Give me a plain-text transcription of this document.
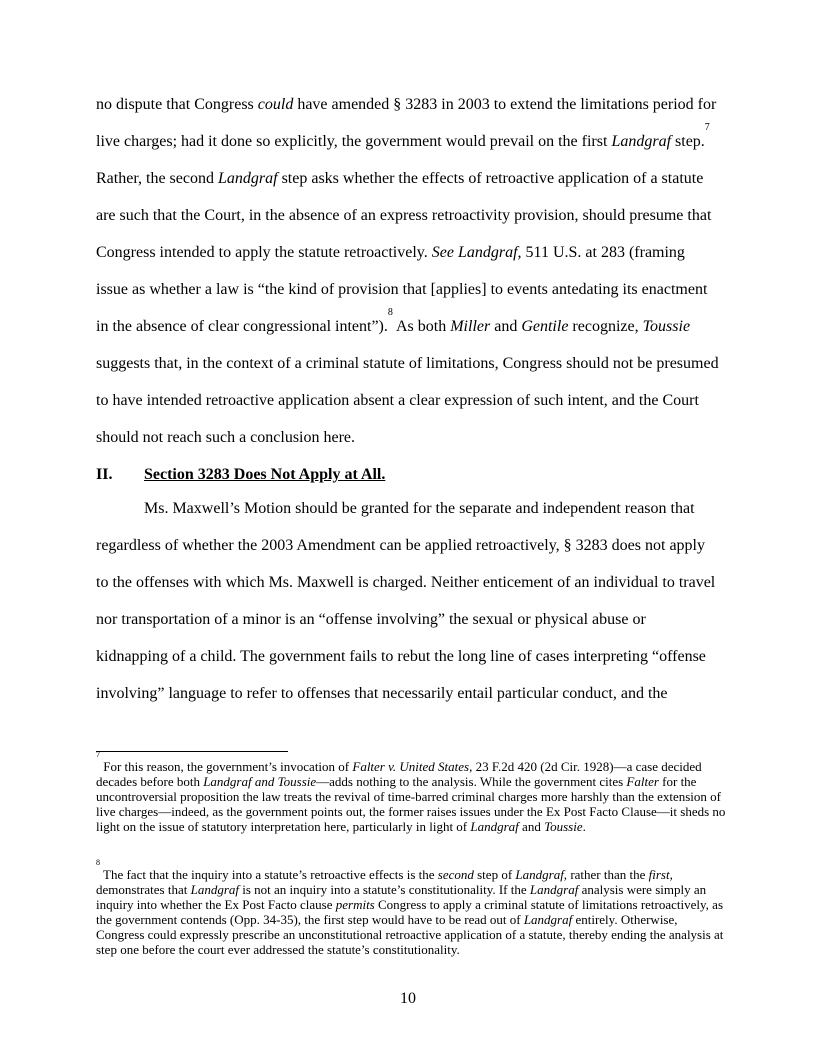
no dispute that Congress could have amended § 3283 in 2003 to extend the limitations period for
live charges; had it done so explicitly, the government would prevail on the first Landgraf step.$^7$
Rather, the second Landgraf step asks whether the effects of retroactive application of a statute
are such that the Court, in the absence of an express retroactivity provision, should presume that
Congress intended to apply the statute retroactively. See Landgraf, 511 U.S. at 283 (framing
issue as whether a law is “the kind of provision that [applies] to events antedating its enactment
in the absence of clear congressional intent”).$^8$ As both Miller and Gentile recognize, Toussie
suggests that, in the context of a criminal statute of limitations, Congress should not be presumed
to have intended retroactive application absent a clear expression of such intent, and the Court
should not reach such a conclusion here.
II. Section 3283 Does Not Apply at All.
Ms. Maxwell’s Motion should be granted for the separate and independent reason that
regardless of whether the 2003 Amendment can be applied retroactively, § 3283 does not apply
to the offenses with which Ms. Maxwell is charged. Neither enticement of an individual to travel
nor transportation of a minor is an “offense involving” the sexual or physical abuse or
kidnapping of a child. The government fails to rebut the long line of cases interpreting “offense
involving” language to refer to offenses that necessarily entail particular conduct, and the
$^7$ For this reason, the government’s invocation of Falter v. United States, 23 F.2d 420 (2d Cir. 1928)—a case decided decades before both Landgraf and Toussie—adds nothing to the analysis. While the government cites Falter for the uncontroversial proposition the law treats the revival of time-barred criminal charges more harshly than the extension of live charges—indeed, as the government points out, the former raises issues under the Ex Post Facto Clause—it sheds no light on the issue of statutory interpretation here, particularly in light of Landgraf and Toussie.
$^8$ The fact that the inquiry into a statute’s retroactive effects is the second step of Landgraf, rather than the first, demonstrates that Landgraf is not an inquiry into a statute’s constitutionality. If the Landgraf analysis were simply an inquiry into whether the Ex Post Facto clause permits Congress to apply a criminal statute of limitations retroactively, as the government contends (Opp. 34-35), the first step would have to be read out of Landgraf entirely. Otherwise, Congress could expressly prescribe an unconstitutional retroactive application of a statute, thereby ending the analysis at step one before the court ever addressed the statute’s constitutionality.
10
